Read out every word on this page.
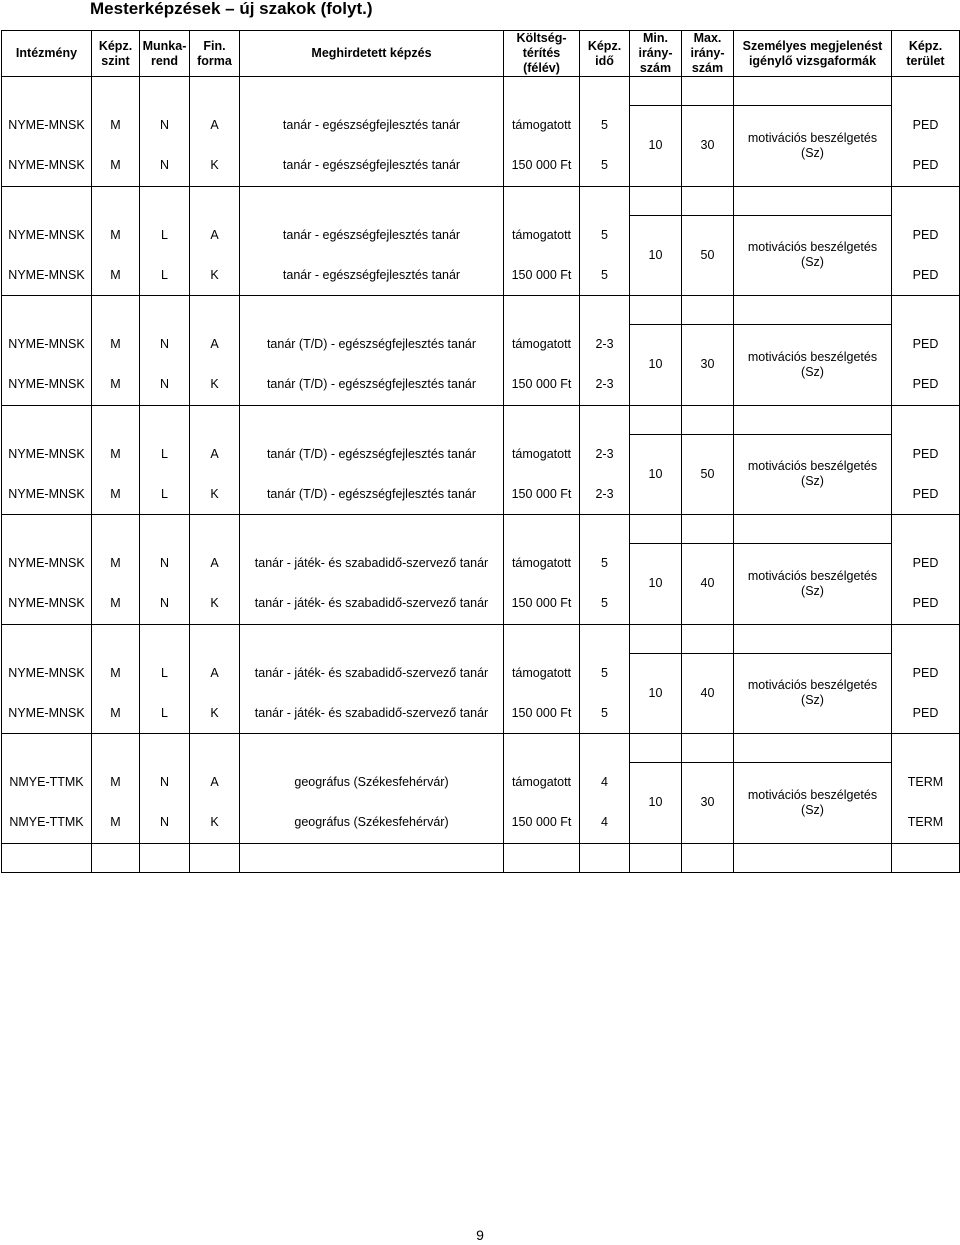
Mesterképzések – új szakok (folyt.)
Intézmény	Képz. szint	Munka-rend	Fin. forma	Meghirdetett képzés	Költség-térítés (félév)	Képz. idő	Min. irány-szám	Max. irány-szám	Személyes megjelenést igénylő vizsgaformák	Képz. terület

NYME-MNSK	M	N	A	tanár - egészségfejlesztés tanár	támogatott	5	10	30	motivációs beszélgetés (Sz)	PED
NYME-MNSK	M	N	K	tanár - egészségfejlesztés tanár	150 000 Ft	5				PED

NYME-MNSK	M	L	A	tanár - egészségfejlesztés tanár	támogatott	5	10	50	motivációs beszélgetés (Sz)	PED
NYME-MNSK	M	L	K	tanár - egészségfejlesztés tanár	150 000 Ft	5				PED

NYME-MNSK	M	N	A	tanár (T/D) - egészségfejlesztés tanár	támogatott	2-3	10	30	motivációs beszélgetés (Sz)	PED
NYME-MNSK	M	N	K	tanár (T/D) - egészségfejlesztés tanár	150 000 Ft	2-3				PED

NYME-MNSK	M	L	A	tanár (T/D) - egészségfejlesztés tanár	támogatott	2-3	10	50	motivációs beszélgetés (Sz)	PED
NYME-MNSK	M	L	K	tanár (T/D) - egészségfejlesztés tanár	150 000 Ft	2-3				PED

NYME-MNSK	M	N	A	tanár - játék- és szabadidő-szervező tanár	támogatott	5	10	40	motivációs beszélgetés (Sz)	PED
NYME-MNSK	M	N	K	tanár - játék- és szabadidő-szervező tanár	150 000 Ft	5				PED

NYME-MNSK	M	L	A	tanár - játék- és szabadidő-szervező tanár	támogatott	5	10	40	motivációs beszélgetés (Sz)	PED
NYME-MNSK	M	L	K	tanár - játék- és szabadidő-szervező tanár	150 000 Ft	5				PED

NMYE-TTMK	M	N	A	geográfus (Székesfehérvár)	támogatott	4	10	30	motivációs beszélgetés (Sz)	TERM
NMYE-TTMK	M	N	K	geográfus (Székesfehérvár)	150 000 Ft	4				TERM

9
